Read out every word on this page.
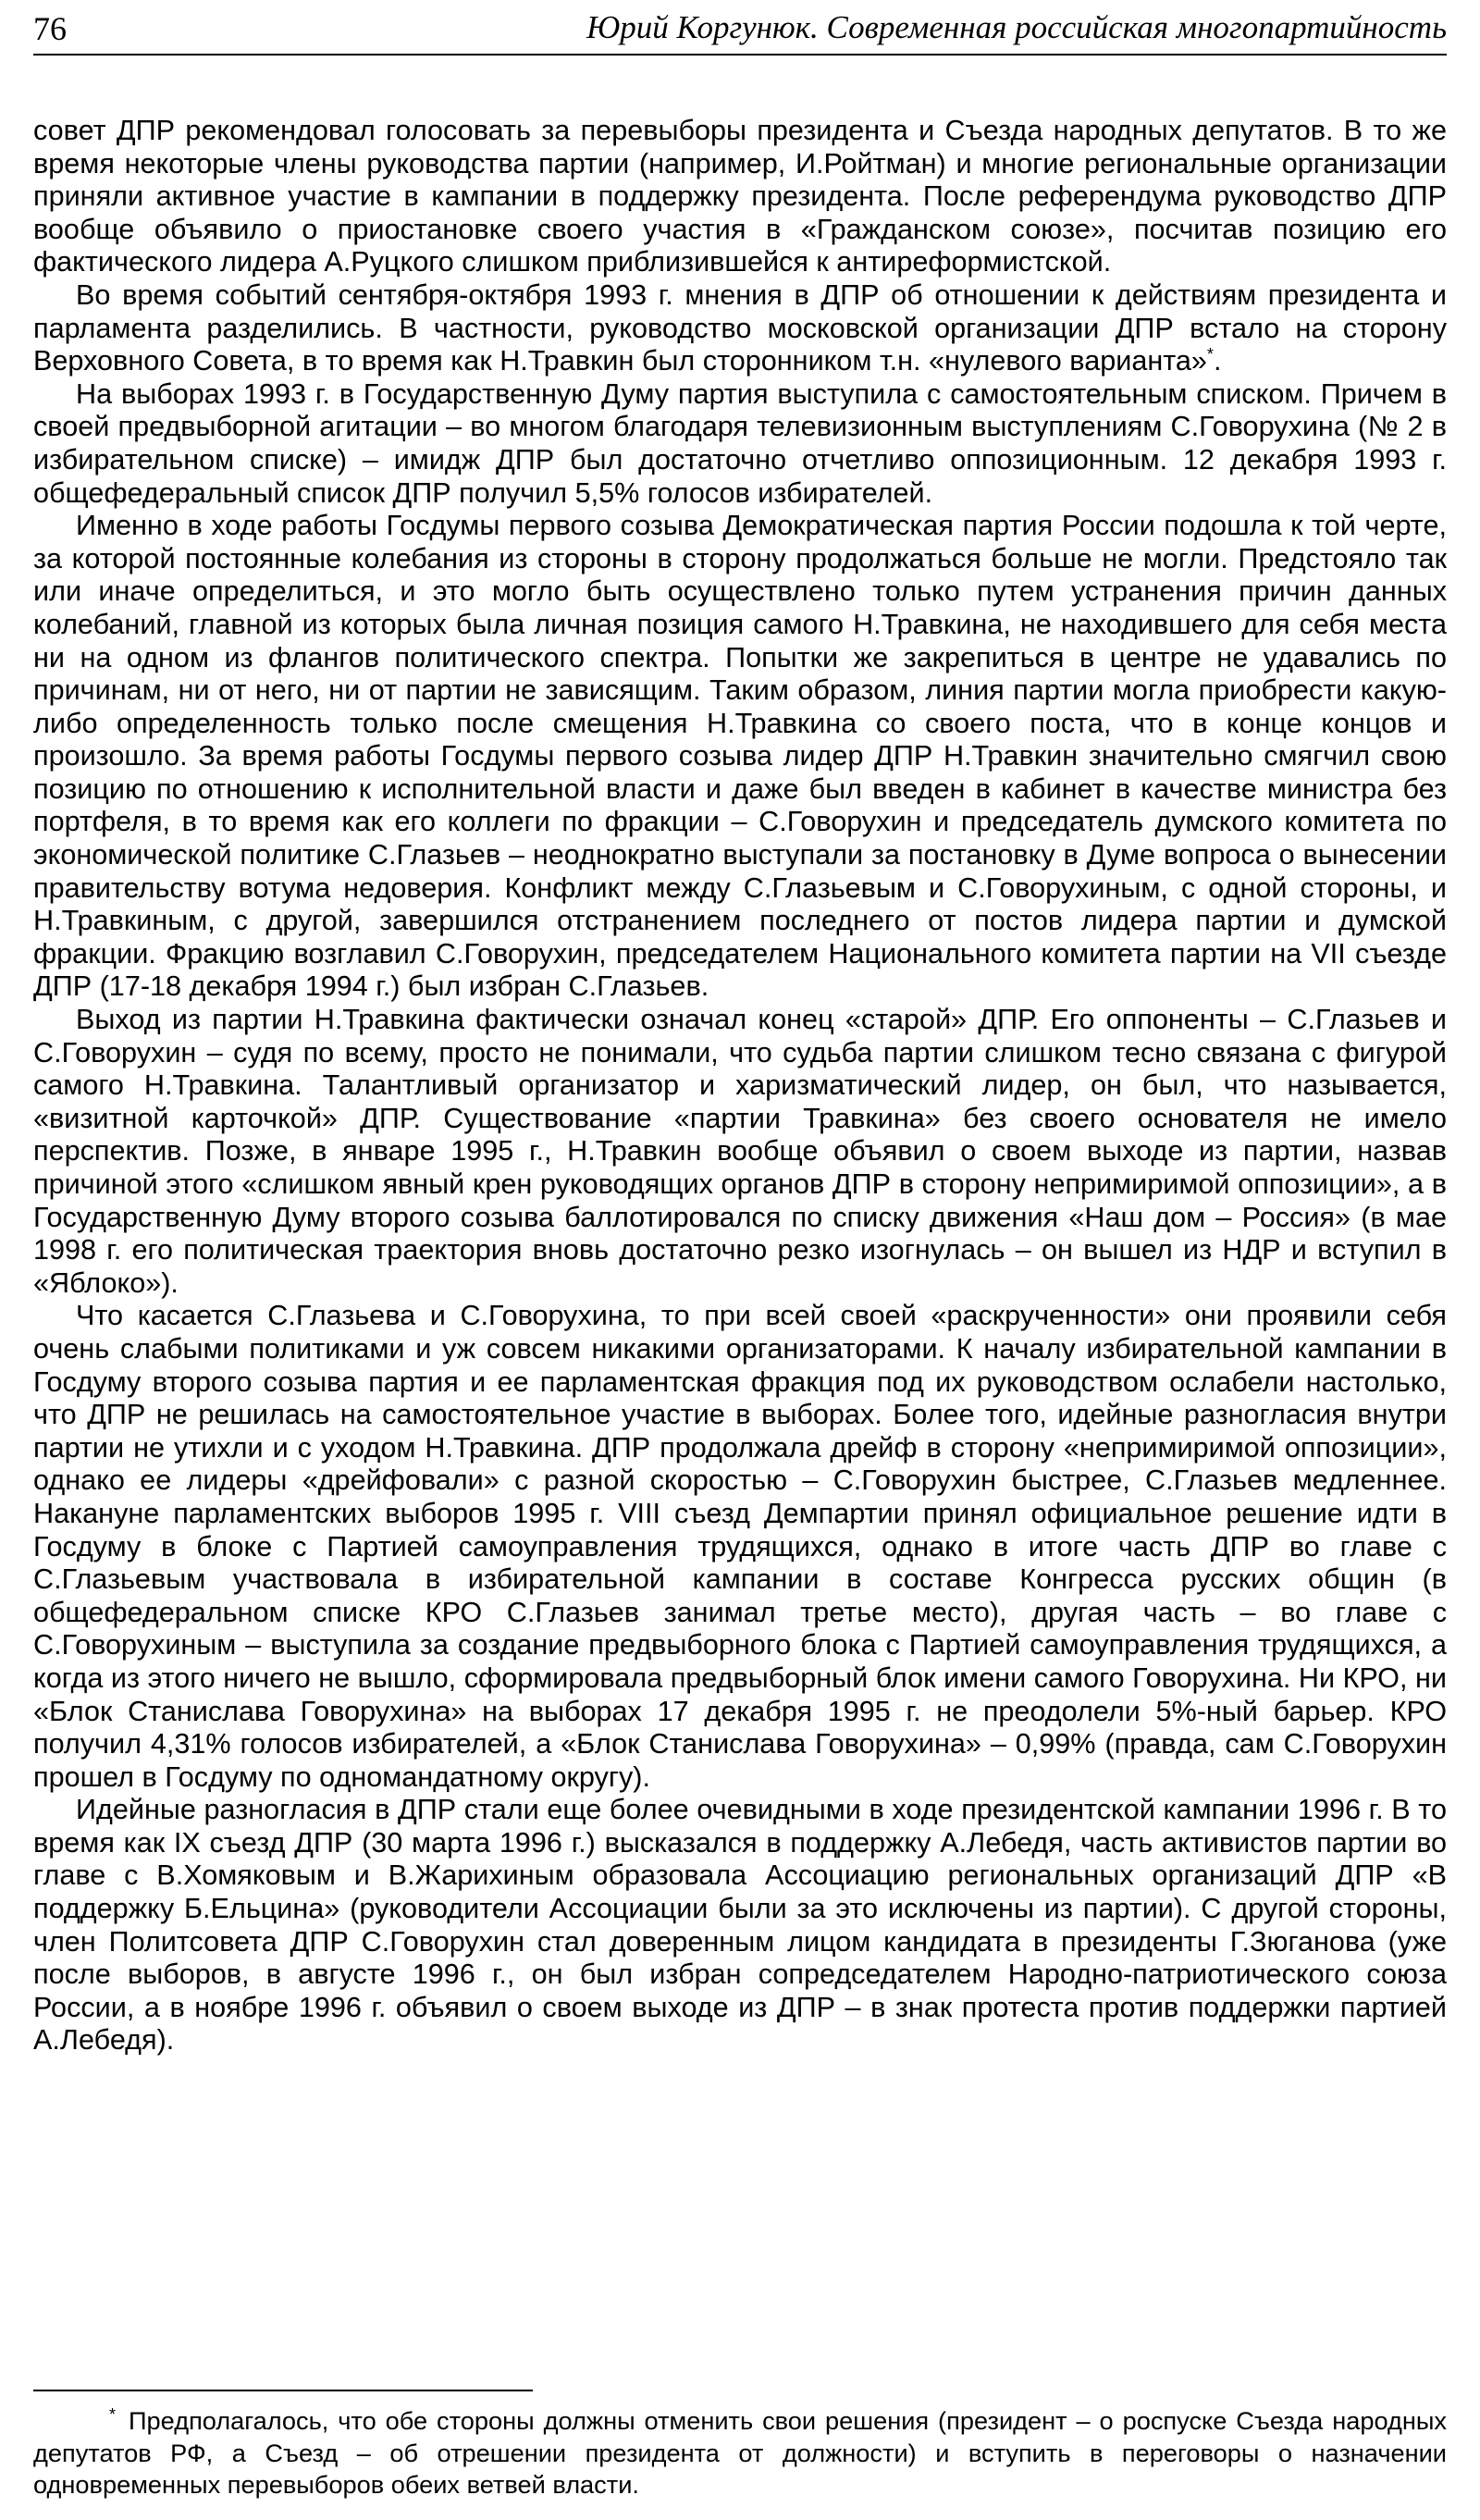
76	Юрий Коргунюк. Современная российская многопартийность

совет ДПР рекомендовал голосовать за перевыборы президента и Съезда народных депутатов. В то же время некоторые члены руководства партии (например, И.Ройтман) и многие региональные организации приняли активное участие в кампании в поддержку президента. После референдума руководство ДПР вообще объявило о приостановке своего участия в «Гражданском союзе», посчитав позицию его фактического лидера А.Руцкого слишком приблизившейся к антиреформистской.

Во время событий сентября-октября 1993 г. мнения в ДПР об отношении к действиям президента и парламента разделились. В частности, руководство московской организации ДПР встало на сторону Верховного Совета, в то время как Н.Травкин был сторонником т.н. «нулевого варианта»*.

На выборах 1993 г. в Государственную Думу партия выступила с самостоятельным списком. Причем в своей предвыборной агитации – во многом благодаря телевизионным выступлениям С.Говорухина (№ 2 в избирательном списке) – имидж ДПР был достаточно отчетливо оппозиционным. 12 декабря 1993 г. общефедеральный список ДПР получил 5,5% голосов избирателей.

Именно в ходе работы Госдумы первого созыва Демократическая партия России подошла к той черте, за которой постоянные колебания из стороны в сторону продолжаться больше не могли. Предстояло так или иначе определиться, и это могло быть осуществлено только путем устранения причин данных колебаний, главной из которых была личная позиция самого Н.Травкина, не находившего для себя места ни на одном из флангов политического спектра. Попытки же закрепиться в центре не удавались по причинам, ни от него, ни от партии не зависящим. Таким образом, линия партии могла приобрести какую-либо определенность только после смещения Н.Травкина со своего поста, что в конце концов и произошло. За время работы Госдумы первого созыва лидер ДПР Н.Травкин значительно смягчил свою позицию по отношению к исполнительной власти и даже был введен в кабинет в качестве министра без портфеля, в то время как его коллеги по фракции – С.Говорухин и председатель думского комитета по экономической политике С.Глазьев – неоднократно выступали за постановку в Думе вопроса о вынесении правительству вотума недоверия. Конфликт между С.Глазьевым и С.Говорухиным, с одной стороны, и Н.Травкиным, с другой, завершился отстранением последнего от постов лидера партии и думской фракции. Фракцию возглавил С.Говорухин, председателем Национального комитета партии на VII съезде ДПР (17-18 декабря 1994 г.) был избран С.Глазьев.

Выход из партии Н.Травкина фактически означал конец «старой» ДПР. Его оппоненты – С.Глазьев и С.Говорухин – судя по всему, просто не понимали, что судьба партии слишком тесно связана с фигурой самого Н.Травкина. Талантливый организатор и харизматический лидер, он был, что называется, «визитной карточкой» ДПР. Существование «партии Травкина» без своего основателя не имело перспектив. Позже, в январе 1995 г., Н.Травкин вообще объявил о своем выходе из партии, назвав причиной этого «слишком явный крен руководящих органов ДПР в сторону непримиримой оппозиции», а в Государственную Думу второго созыва баллотировался по списку движения «Наш дом – Россия» (в мае 1998 г. его политическая траектория вновь достаточно резко изогнулась – он вышел из НДР и вступил в «Яблоко»).

Что касается С.Глазьева и С.Говорухина, то при всей своей «раскрученности» они проявили себя очень слабыми политиками и уж совсем никакими организаторами. К началу избирательной кампании в Госдуму второго созыва партия и ее парламентская фракция под их руководством ослабели настолько, что ДПР не решилась на самостоятельное участие в выборах. Более того, идейные разногласия внутри партии не утихли и с уходом Н.Травкина. ДПР продолжала дрейф в сторону «непримиримой оппозиции», однако ее лидеры «дрейфовали» с разной скоростью – С.Говорухин быстрее, С.Глазьев медленнее. Накануне парламентских выборов 1995 г. VIII съезд Демпартии принял официальное решение идти в Госдуму в блоке с Партией самоуправления трудящихся, однако в итоге часть ДПР во главе с С.Глазьевым участвовала в избирательной кампании в составе Конгресса русских общин (в общефедеральном списке КРО С.Глазьев занимал третье место), другая часть – во главе с С.Говорухиным – выступила за создание предвыборного блока с Партией самоуправления трудящихся, а когда из этого ничего не вышло, сформировала предвыборный блок имени самого Говорухина. Ни КРО, ни «Блок Станислава Говорухина» на выборах 17 декабря 1995 г. не преодолели 5%-ный барьер. КРО получил 4,31% голосов избирателей, а «Блок Станислава Говорухина» – 0,99% (правда, сам С.Говорухин прошел в Госдуму по одномандатному округу).

Идейные разногласия в ДПР стали еще более очевидными в ходе президентской кампании 1996 г. В то время как IX съезд ДПР (30 марта 1996 г.) высказался в поддержку А.Лебедя, часть активистов партии во главе с В.Хомяковым и В.Жарихиным образовала Ассоциацию региональных организаций ДПР «В поддержку Б.Ельцина» (руководители Ассоциации были за это исключены из партии). С другой стороны, член Политсовета ДПР С.Говорухин стал доверенным лицом кандидата в президенты Г.Зюганова (уже после выборов, в августе 1996 г., он был избран сопредседателем Народно-патриотического союза России, а в ноябре 1996 г. объявил о своем выходе из ДПР – в знак протеста против поддержки партией А.Лебедя).

* Предполагалось, что обе стороны должны отменить свои решения (президент – о роспуске Съезда народных депутатов РФ, а Съезд – об отрешении президента от должности) и вступить в переговоры о назначении одновременных перевыборов обеих ветвей власти.
